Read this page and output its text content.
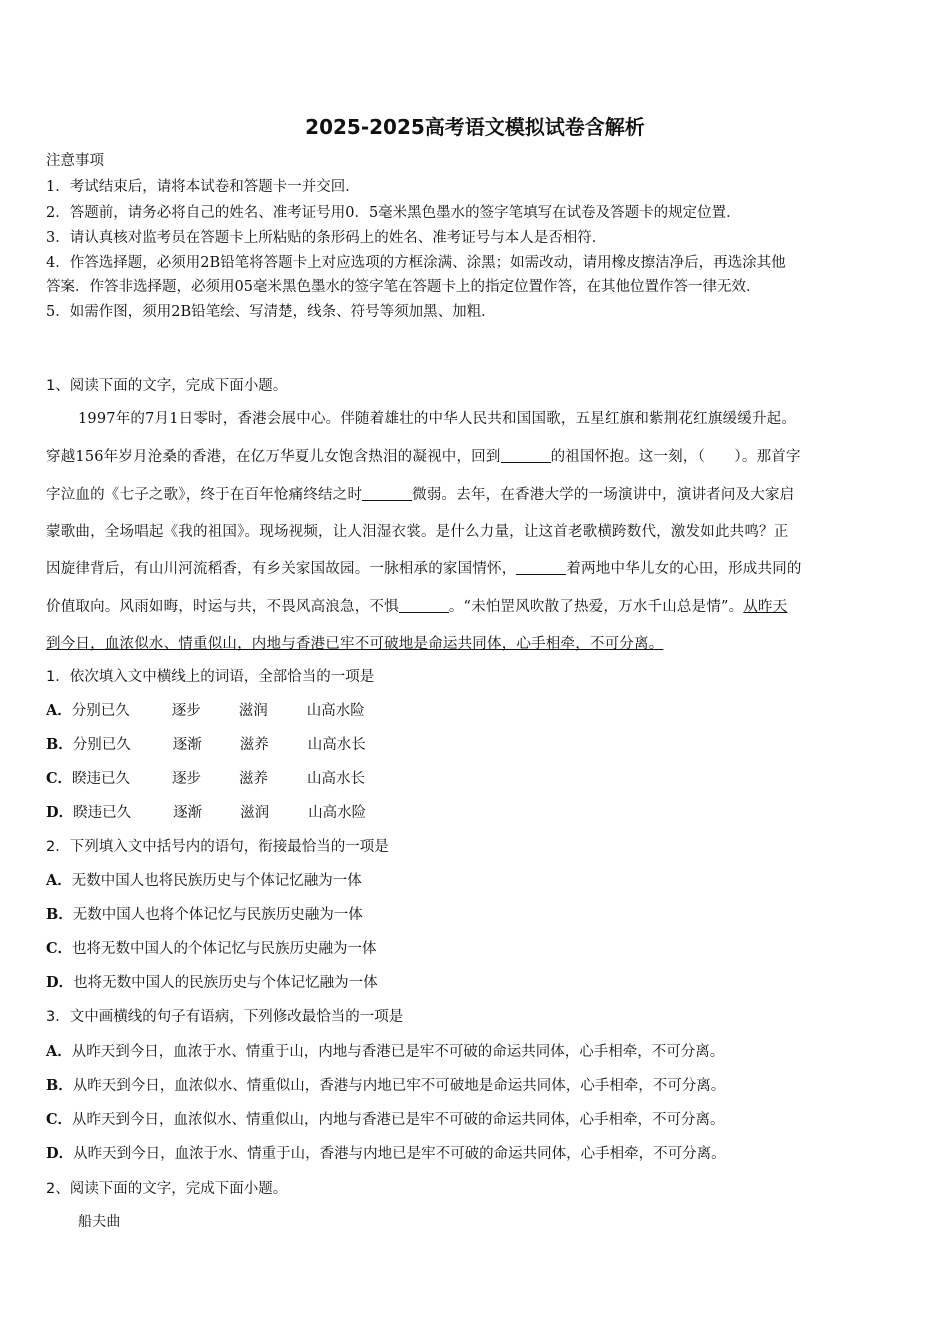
2025-2025高考语文模拟试卷含解析
注意事项
1．考试结束后，请将本试卷和答题卡一并交回．
2．答题前，请务必将自己的姓名、准考证号用0．5毫米黑色墨水的签字笔填写在试卷及答题卡的规定位置．
3．请认真核对监考员在答题卡上所粘贴的条形码上的姓名、准考证号与本人是否相符．
4．作答选择题，必须用2B铅笔将答题卡上对应选项的方框涂满、涂黑；如需改动，请用橡皮擦洁净后，再选涂其他
答案．作答非选择题，必须用05毫米黑色墨水的签字笔在答题卡上的指定位置作答，在其他位置作答一律无效．
5．如需作图，须用2B铅笔绘、写清楚，线条、符号等须加黑、加粗．
1、阅读下面的文字，完成下面小题。
1997年的7月1日零时，香港会展中心。伴随着雄壮的中华人民共和国国歌，五星红旗和紫荆花红旗缓缓升起。
穿越156年岁月沧桑的香港，在亿万华夏儿女饱含热泪的凝视中，回到	的祖国怀抱。这一刻，（　　）。那首字
字泣血的《七子之歌》，终于在百年怆痛终结之时	微弱。去年，在香港大学的一场演讲中，演讲者问及大家启
蒙歌曲，全场唱起《我的祖国》。现场视频，让人泪湿衣裳。是什么力量，让这首老歌横跨数代，激发如此共鸣？正
因旋律背后，有山川河流稻香，有乡关家国故园。一脉相承的家国情怀，	着两地中华儿女的心田，形成共同的
价值取向。风雨如晦，时运与共，不畏风高浪急，不惧	。“未怕罡风吹散了热爱，万水千山总是情”。从昨天
到今日，血浓似水、情重似山，内地与香港已牢不可破地是命运共同体，心手相牵，不可分离。
1．依次填入文中横线上的词语，全部恰当的一项是
A．分别已久	逐步	滋润	山高水险
B．分别已久	逐渐	滋养	山高水长
C．睽违已久	逐步	滋养	山高水长
D．睽违已久	逐渐	滋润	山高水险
2．下列填入文中括号内的语句，衔接最恰当的一项是
A．无数中国人也将民族历史与个体记忆融为一体
B．无数中国人也将个体记忆与民族历史融为一体
C．也将无数中国人的个体记忆与民族历史融为一体
D．也将无数中国人的民族历史与个体记忆融为一体
3．文中画横线的句子有语病，下列修改最恰当的一项是
A．从昨天到今日，血浓于水、情重于山，内地与香港已是牢不可破的命运共同体，心手相牵，不可分离。
B．从昨天到今日，血浓似水、情重似山，香港与内地已牢不可破地是命运共同体，心手相牵，不可分离。
C．从昨天到今日，血浓似水、情重似山，内地与香港已是牢不可破的命运共同体，心手相牵，不可分离。
D．从昨天到今日，血浓于水、情重于山，香港与内地已是牢不可破的命运共同体，心手相牵，不可分离。
2、阅读下面的文字，完成下面小题。
船夫曲
